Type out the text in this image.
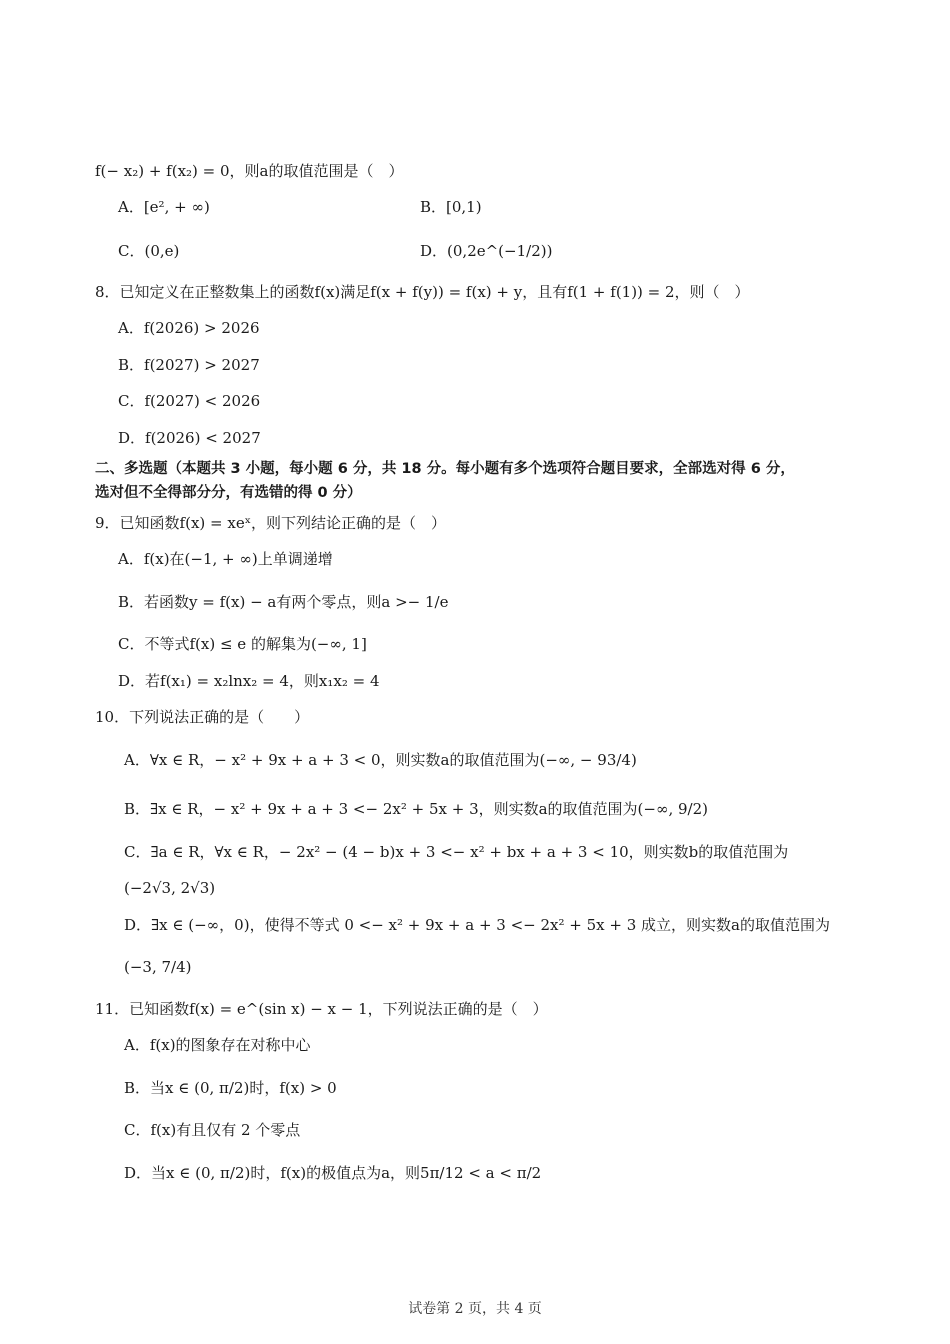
f(− x₂) + f(x₂) = 0，则a的取值范围是（　）
A．[e², + ∞)	B．[0,1)
C．(0,e)	D．(0,2e^(−1/2))
8．已知定义在正整数集上的函数f(x)满足f(x + f(y)) = f(x) + y，且有f(1 + f(1)) = 2，则（　）
A．f(2026) > 2026
B．f(2027) > 2027
C．f(2027) < 2026
D．f(2026) < 2027
二、多选题（本题共 3 小题，每小题 6 分，共 18 分。每小题有多个选项符合题目要求，全部选对得 6 分，
选对但不全得部分分，有选错的得 0 分）
9．已知函数f(x) = xeˣ，则下列结论正确的是（　）
A．f(x)在(−1, + ∞)上单调递增
B．若函数y = f(x) − a有两个零点，则a >− 1/e
C．不等式f(x) ≤ e 的解集为(−∞, 1]
D．若f(x₁) = x₂lnx₂ = 4，则x₁x₂ = 4
10．下列说法正确的是（　　）
A．∀x ∈ R，− x² + 9x + a + 3 < 0，则实数a的取值范围为(−∞, − 93/4)
B．∃x ∈ R，− x² + 9x + a + 3 <− 2x² + 5x + 3，则实数a的取值范围为(−∞, 9/2)
C．∃a ∈ R，∀x ∈ R，− 2x² − (4 − b)x + 3 <− x² + bx + a + 3 < 10，则实数b的取值范围为
(−2√3, 2√3)
D．∃x ∈ (−∞，0)，使得不等式 0 <− x² + 9x + a + 3 <− 2x² + 5x + 3 成立，则实数a的取值范围为
(−3, 7/4)
11．已知函数f(x) = e^(sin x) − x − 1，下列说法正确的是（　）
A．f(x)的图象存在对称中心
B．当x ∈ (0, π/2)时，f(x) > 0
C．f(x)有且仅有 2 个零点
D．当x ∈ (0, π/2)时，f(x)的极值点为a，则5π/12 < a < π/2
试卷第 2 页，共 4 页
